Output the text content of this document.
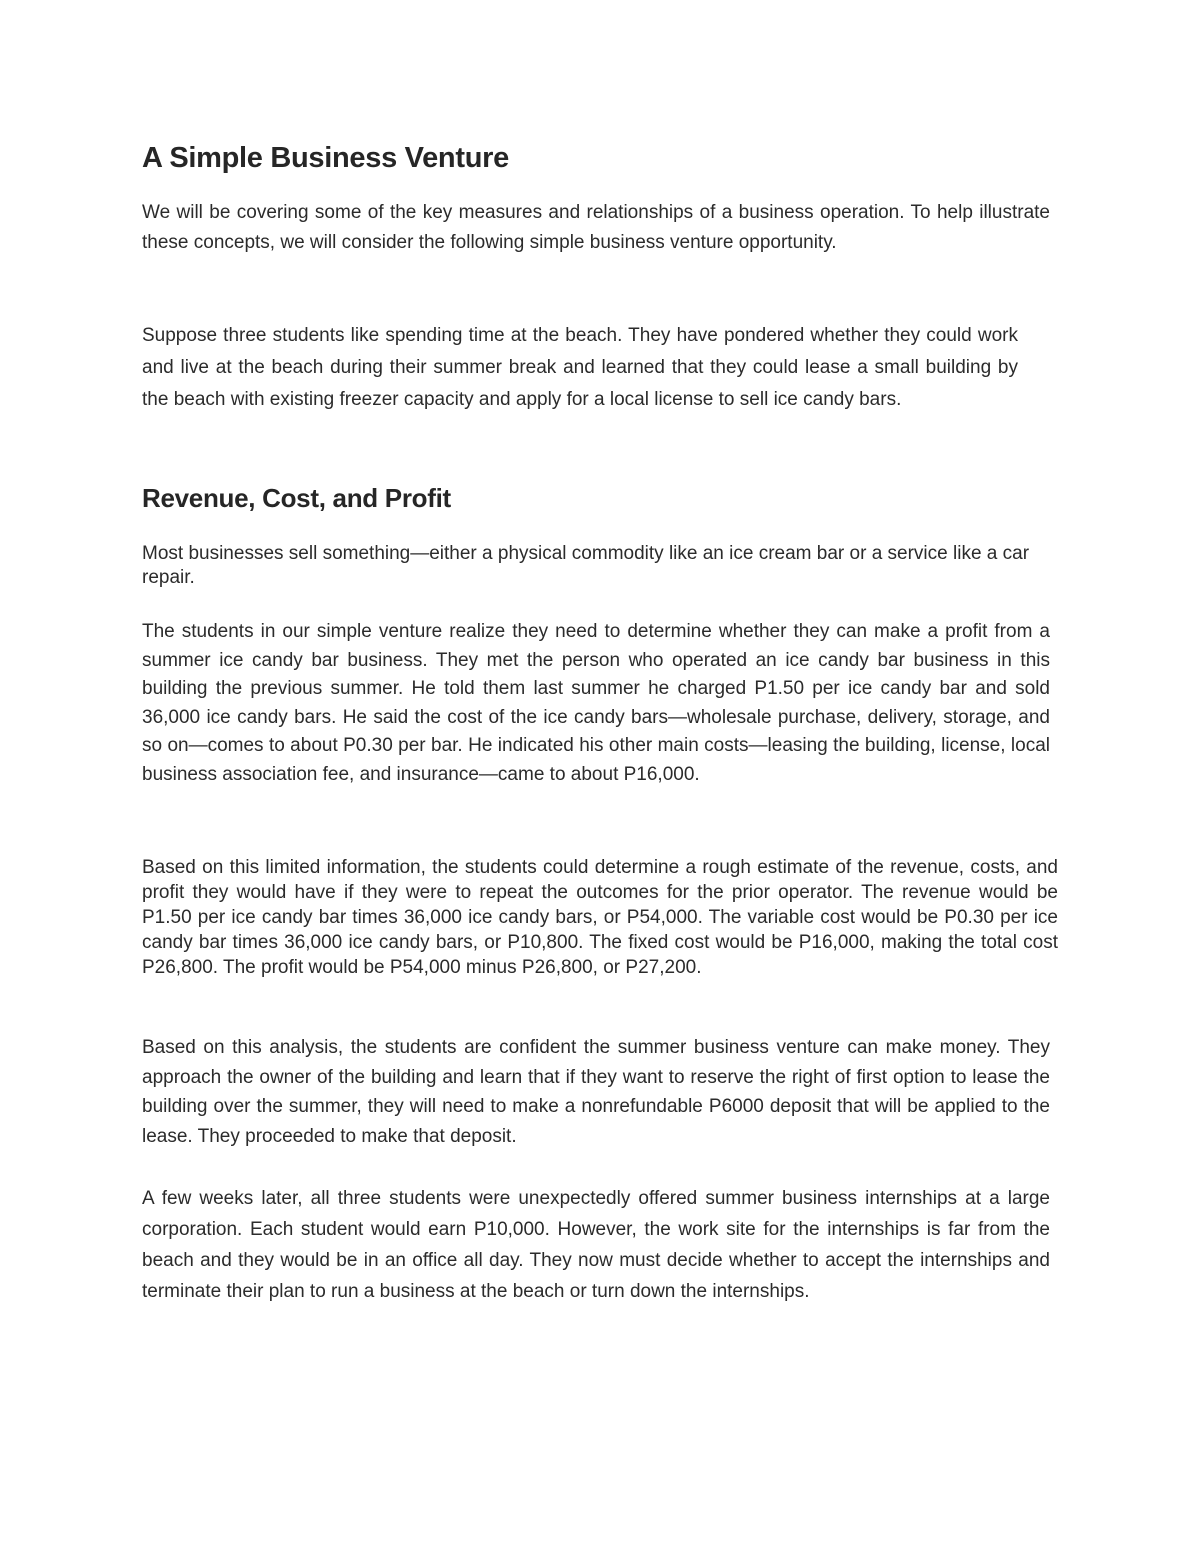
A Simple Business Venture

We will be covering some of the key measures and relationships of a business operation. To help illustrate these concepts, we will consider the following simple business venture opportunity.

Suppose three students like spending time at the beach. They have pondered whether they could work and live at the beach during their summer break and learned that they could lease a small building by the beach with existing freezer capacity and apply for a local license to sell ice candy bars.

Revenue, Cost, and Profit

Most businesses sell something—either a physical commodity like an ice cream bar or a service like a car repair.

The students in our simple venture realize they need to determine whether they can make a profit from a summer ice candy bar business. They met the person who operated an ice candy bar business in this building the previous summer. He told them last summer he charged P1.50 per ice candy bar and sold 36,000 ice candy bars. He said the cost of the ice candy bars—wholesale purchase, delivery, storage, and so on—comes to about P0.30 per bar. He indicated his other main costs—leasing the building, license, local business association fee, and insurance—came to about P16,000.

Based on this limited information, the students could determine a rough estimate of the revenue, costs, and profit they would have if they were to repeat the outcomes for the prior operator. The revenue would be P1.50 per ice candy bar times 36,000 ice candy bars, or P54,000. The variable cost would be P0.30 per ice candy bar times 36,000 ice candy bars, or P10,800. The fixed cost would be P16,000, making the total cost P26,800. The profit would be P54,000 minus P26,800, or P27,200.

Based on this analysis, the students are confident the summer business venture can make money. They approach the owner of the building and learn that if they want to reserve the right of first option to lease the building over the summer, they will need to make a nonrefundable P6000 deposit that will be applied to the lease. They proceeded to make that deposit.

A few weeks later, all three students were unexpectedly offered summer business internships at a large corporation. Each student would earn P10,000. However, the work site for the internships is far from the beach and they would be in an office all day. They now must decide whether to accept the internships and terminate their plan to run a business at the beach or turn down the internships.
